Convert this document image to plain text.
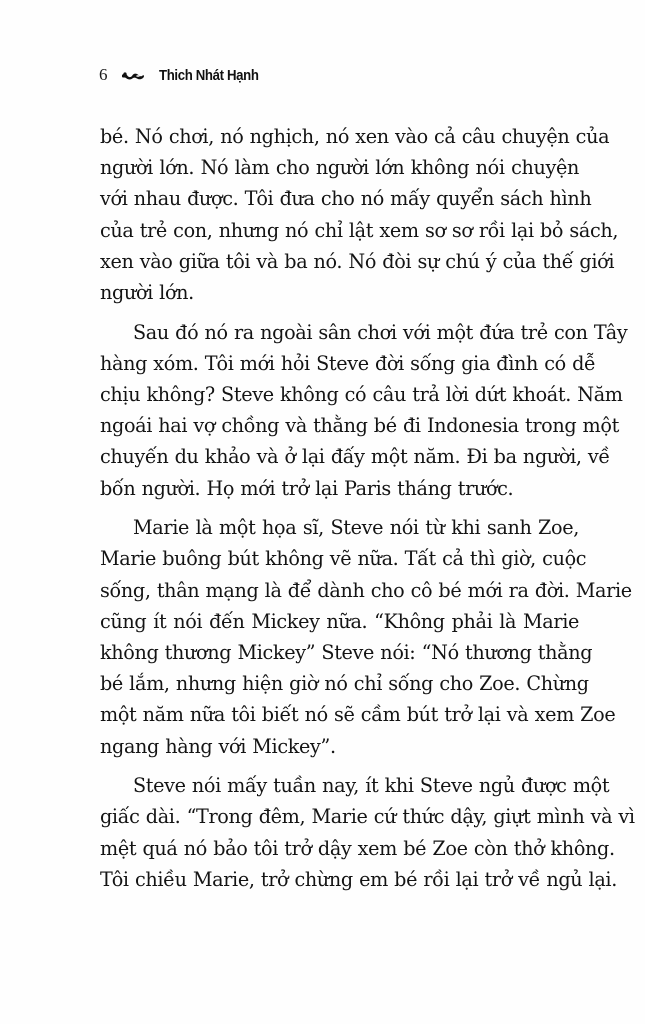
6	Thich Nhát Hạnh

bé. Nó chơi, nó nghịch, nó xen vào cả câu chuyện của
người lớn. Nó làm cho người lớn không nói chuyện
với nhau được. Tôi đưa cho nó mấy quyển sách hình
của trẻ con, nhưng nó chỉ lật xem sơ sơ rồi lại bỏ sách,
xen vào giữa tôi và ba nó. Nó đòi sự chú ý của thế giới
người lớn.

Sau đó nó ra ngoài sân chơi với một đứa trẻ con Tây
hàng xóm. Tôi mới hỏi Steve đời sống gia đình có dễ
chịu không? Steve không có câu trả lời dứt khoát. Năm
ngoái hai vợ chồng và thằng bé đi Indonesia trong một
chuyến du khảo và ở lại đấy một năm. Đi ba người, về
bốn người. Họ mới trở lại Paris tháng trước.

Marie là một họa sĩ, Steve nói từ khi sanh Zoe,
Marie buông bút không vẽ nữa. Tất cả thì giờ, cuộc
sống, thân mạng là để dành cho cô bé mới ra đời. Marie
cũng ít nói đến Mickey nữa. “Không phải là Marie
không thương Mickey” Steve nói: “Nó thương thằng
bé lắm, nhưng hiện giờ nó chỉ sống cho Zoe. Chừng
một năm nữa tôi biết nó sẽ cầm bút trở lại và xem Zoe
ngang hàng với Mickey”.

Steve nói mấy tuần nay, ít khi Steve ngủ được một
giấc dài. “Trong đêm, Marie cứ thức dậy, giựt mình và vì
mệt quá nó bảo tôi trở dậy xem bé Zoe còn thở không.
Tôi chiều Marie, trở chừng em bé rồi lại trở về ngủ lại.
